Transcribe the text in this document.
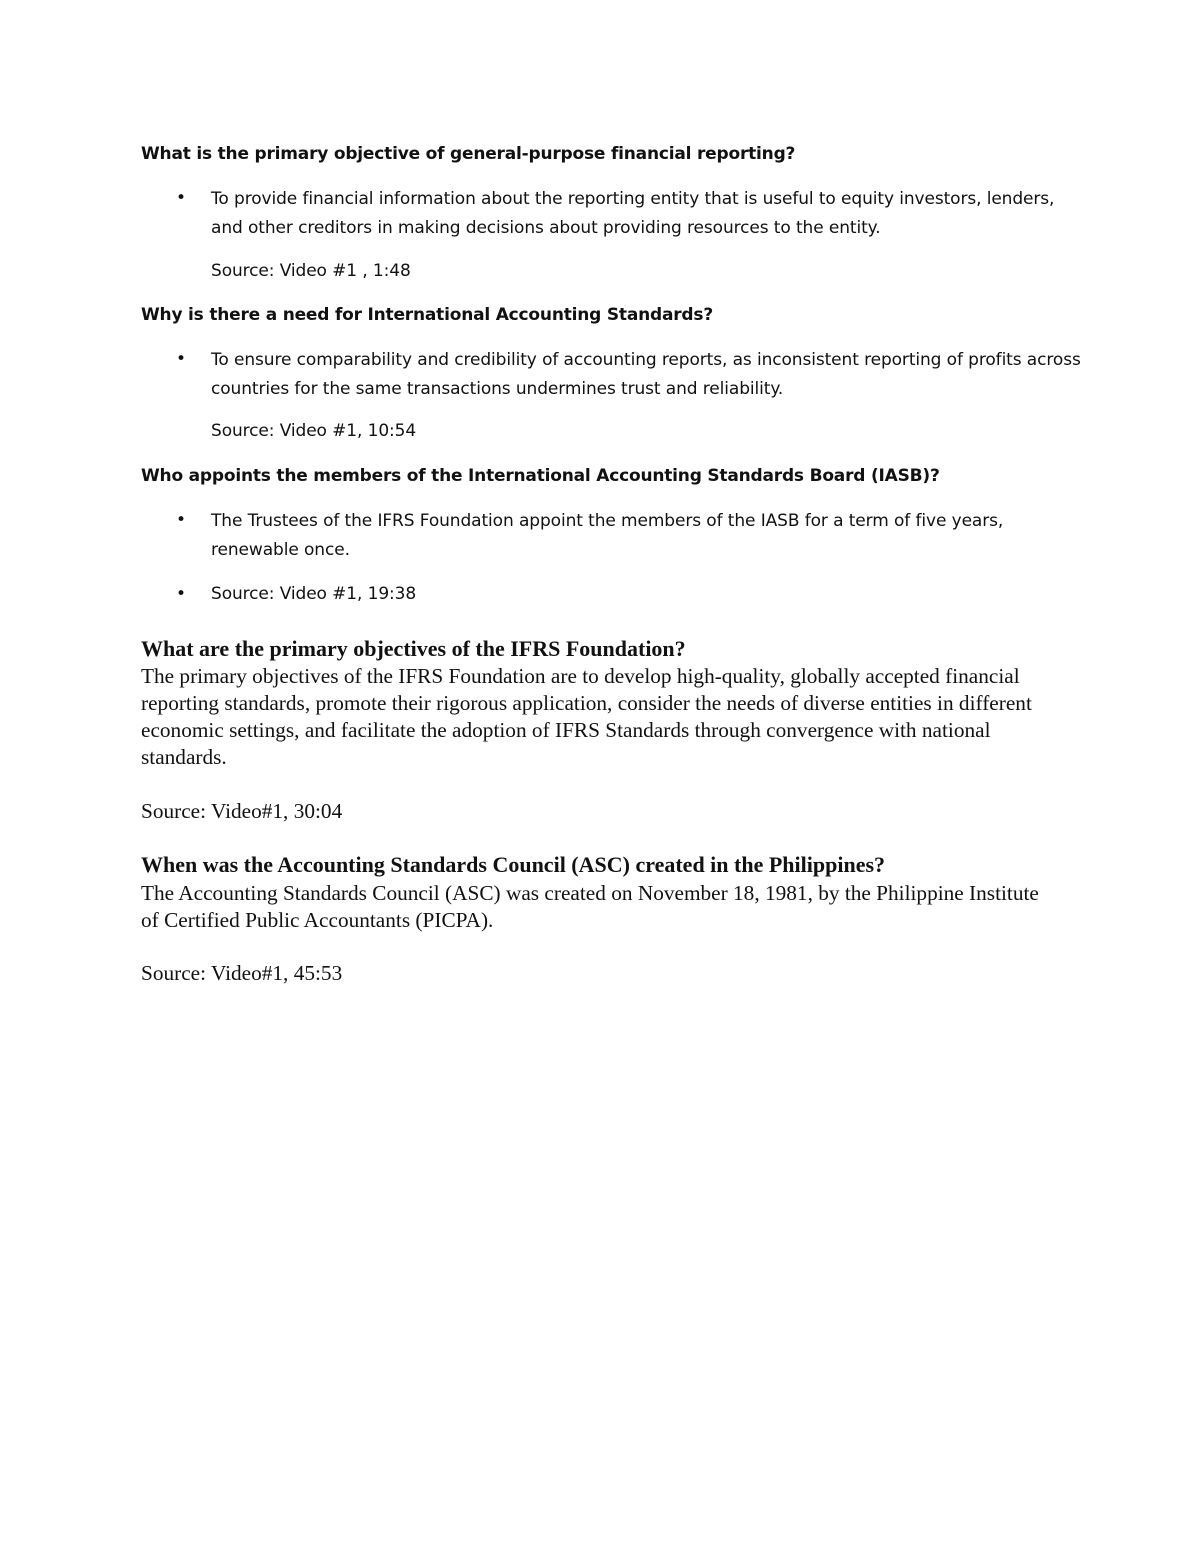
What is the primary objective of general-purpose financial reporting?
• To provide financial information about the reporting entity that is useful to equity investors, lenders, and other creditors in making decisions about providing resources to the entity.
Source: Video #1 , 1:48
Why is there a need for International Accounting Standards?
• To ensure comparability and credibility of accounting reports, as inconsistent reporting of profits across countries for the same transactions undermines trust and reliability.
Source: Video #1, 10:54
Who appoints the members of the International Accounting Standards Board (IASB)?
• The Trustees of the IFRS Foundation appoint the members of the IASB for a term of five years, renewable once.
• Source: Video #1, 19:38
What are the primary objectives of the IFRS Foundation?
The primary objectives of the IFRS Foundation are to develop high-quality, globally accepted financial reporting standards, promote their rigorous application, consider the needs of diverse entities in different economic settings, and facilitate the adoption of IFRS Standards through convergence with national standards.
Source: Video#1, 30:04
When was the Accounting Standards Council (ASC) created in the Philippines?
The Accounting Standards Council (ASC) was created on November 18, 1981, by the Philippine Institute of Certified Public Accountants (PICPA).
Source: Video#1, 45:53
